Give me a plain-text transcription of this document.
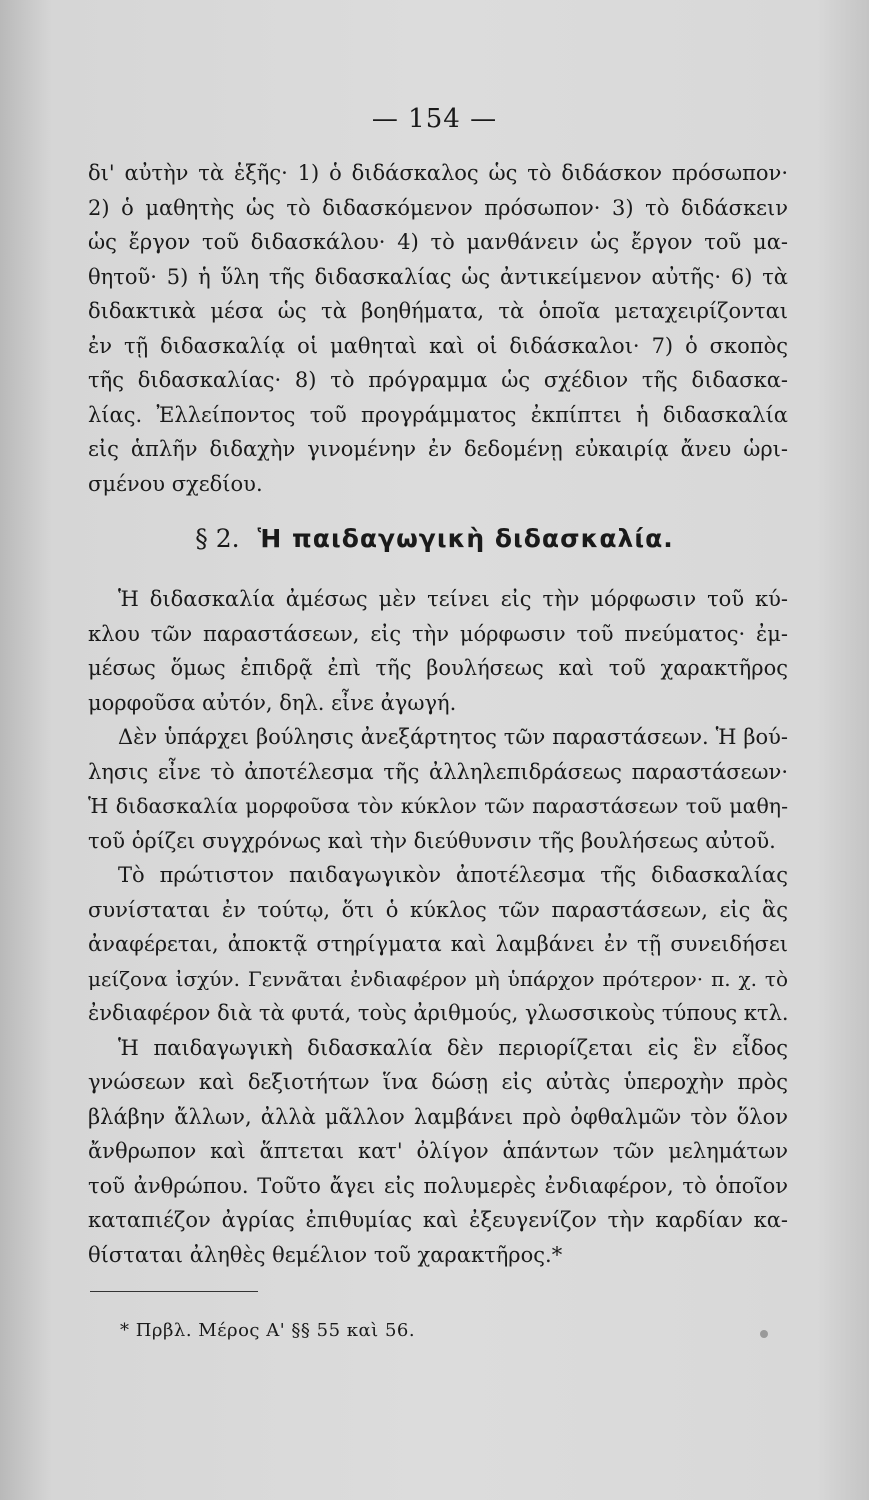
— 154 —
δι' αὐτὴν τὰ ἑξῆς· 1) ὁ διδάσκαλος ὡς τὸ διδάσκον πρόσωπον·
2) ὁ μαθητὴς ὡς τὸ διδασκόμενον πρόσωπον· 3) τὸ διδάσκειν
ὡς ἔργον τοῦ διδασκάλου· 4) τὸ μανθάνειν ὡς ἔργον τοῦ μα-
θητοῦ· 5) ἡ ὕλη τῆς διδασκαλίας ὡς ἀντικείμενον αὐτῆς· 6) τὰ
διδακτικὰ μέσα ὡς τὰ βοηθήματα, τὰ ὁποῖα μεταχειρίζονται
ἐν τῇ διδασκαλίᾳ οἱ μαθηταὶ καὶ οἱ διδάσκαλοι· 7) ὁ σκοπὸς
τῆς διδασκαλίας· 8) τὸ πρόγραμμα ὡς σχέδιον τῆς διδασκα-
λίας. Ἐλλείποντος τοῦ προγράμματος ἐκπίπτει ἡ διδασκαλία
εἰς ἁπλῆν διδαχὴν γινομένην ἐν δεδομένῃ εὐκαιρίᾳ ἄνευ ὡρι-
σμένου σχεδίου.
§ 2. Ἡ παιδαγωγικὴ διδασκαλία.
Ἡ διδασκαλία ἀμέσως μὲν τείνει εἰς τὴν μόρφωσιν τοῦ κύ-
κλου τῶν παραστάσεων, εἰς τὴν μόρφωσιν τοῦ πνεύματος· ἐμ-
μέσως ὅμως ἐπιδρᾷ ἐπὶ τῆς βουλήσεως καὶ τοῦ χαρακτῆρος
μορφοῦσα αὐτόν, δηλ. εἶνε ἀγωγή.
Δὲν ὑπάρχει βούλησις ἀνεξάρτητος τῶν παραστάσεων. Ἡ βού-
λησις εἶνε τὸ ἀποτέλεσμα τῆς ἀλληλεπιδράσεως παραστάσεων·
Ἡ διδασκαλία μορφοῦσα τὸν κύκλον τῶν παραστάσεων τοῦ μαθη-
τοῦ ὁρίζει συγχρόνως καὶ τὴν διεύθυνσιν τῆς βουλήσεως αὐτοῦ.
Τὸ πρώτιστον παιδαγωγικὸν ἀποτέλεσμα τῆς διδασκαλίας
συνίσταται ἐν τούτῳ, ὅτι ὁ κύκλος τῶν παραστάσεων, εἰς ἃς
ἀναφέρεται, ἀποκτᾷ στηρίγματα καὶ λαμβάνει ἐν τῇ συνειδήσει
μείζονα ἰσχύν. Γεννᾶται ἐνδιαφέρον μὴ ὑπάρχον πρότερον· π. χ. τὸ
ἐνδιαφέρον διὰ τὰ φυτά, τοὺς ἀριθμούς, γλωσσικοὺς τύπους κτλ.
Ἡ παιδαγωγικὴ διδασκαλία δὲν περιορίζεται εἰς ἓν εἶδος
γνώσεων καὶ δεξιοτήτων ἵνα δώσῃ εἰς αὐτὰς ὑπεροχὴν πρὸς
βλάβην ἄλλων, ἀλλὰ μᾶλλον λαμβάνει πρὸ ὀφθαλμῶν τὸν ὅλον
ἄνθρωπον καὶ ἅπτεται κατ' ὀλίγον ἁπάντων τῶν μελημάτων
τοῦ ἀνθρώπου. Τοῦτο ἄγει εἰς πολυμερὲς ἐνδιαφέρον, τὸ ὁποῖον
καταπιέζον ἀγρίας ἐπιθυμίας καὶ ἐξευγενίζον τὴν καρδίαν κα-
θίσταται ἀληθὲς θεμέλιον τοῦ χαρακτῆρος.*
* Πρβλ. Μέρος Α' §§ 55 καὶ 56.
